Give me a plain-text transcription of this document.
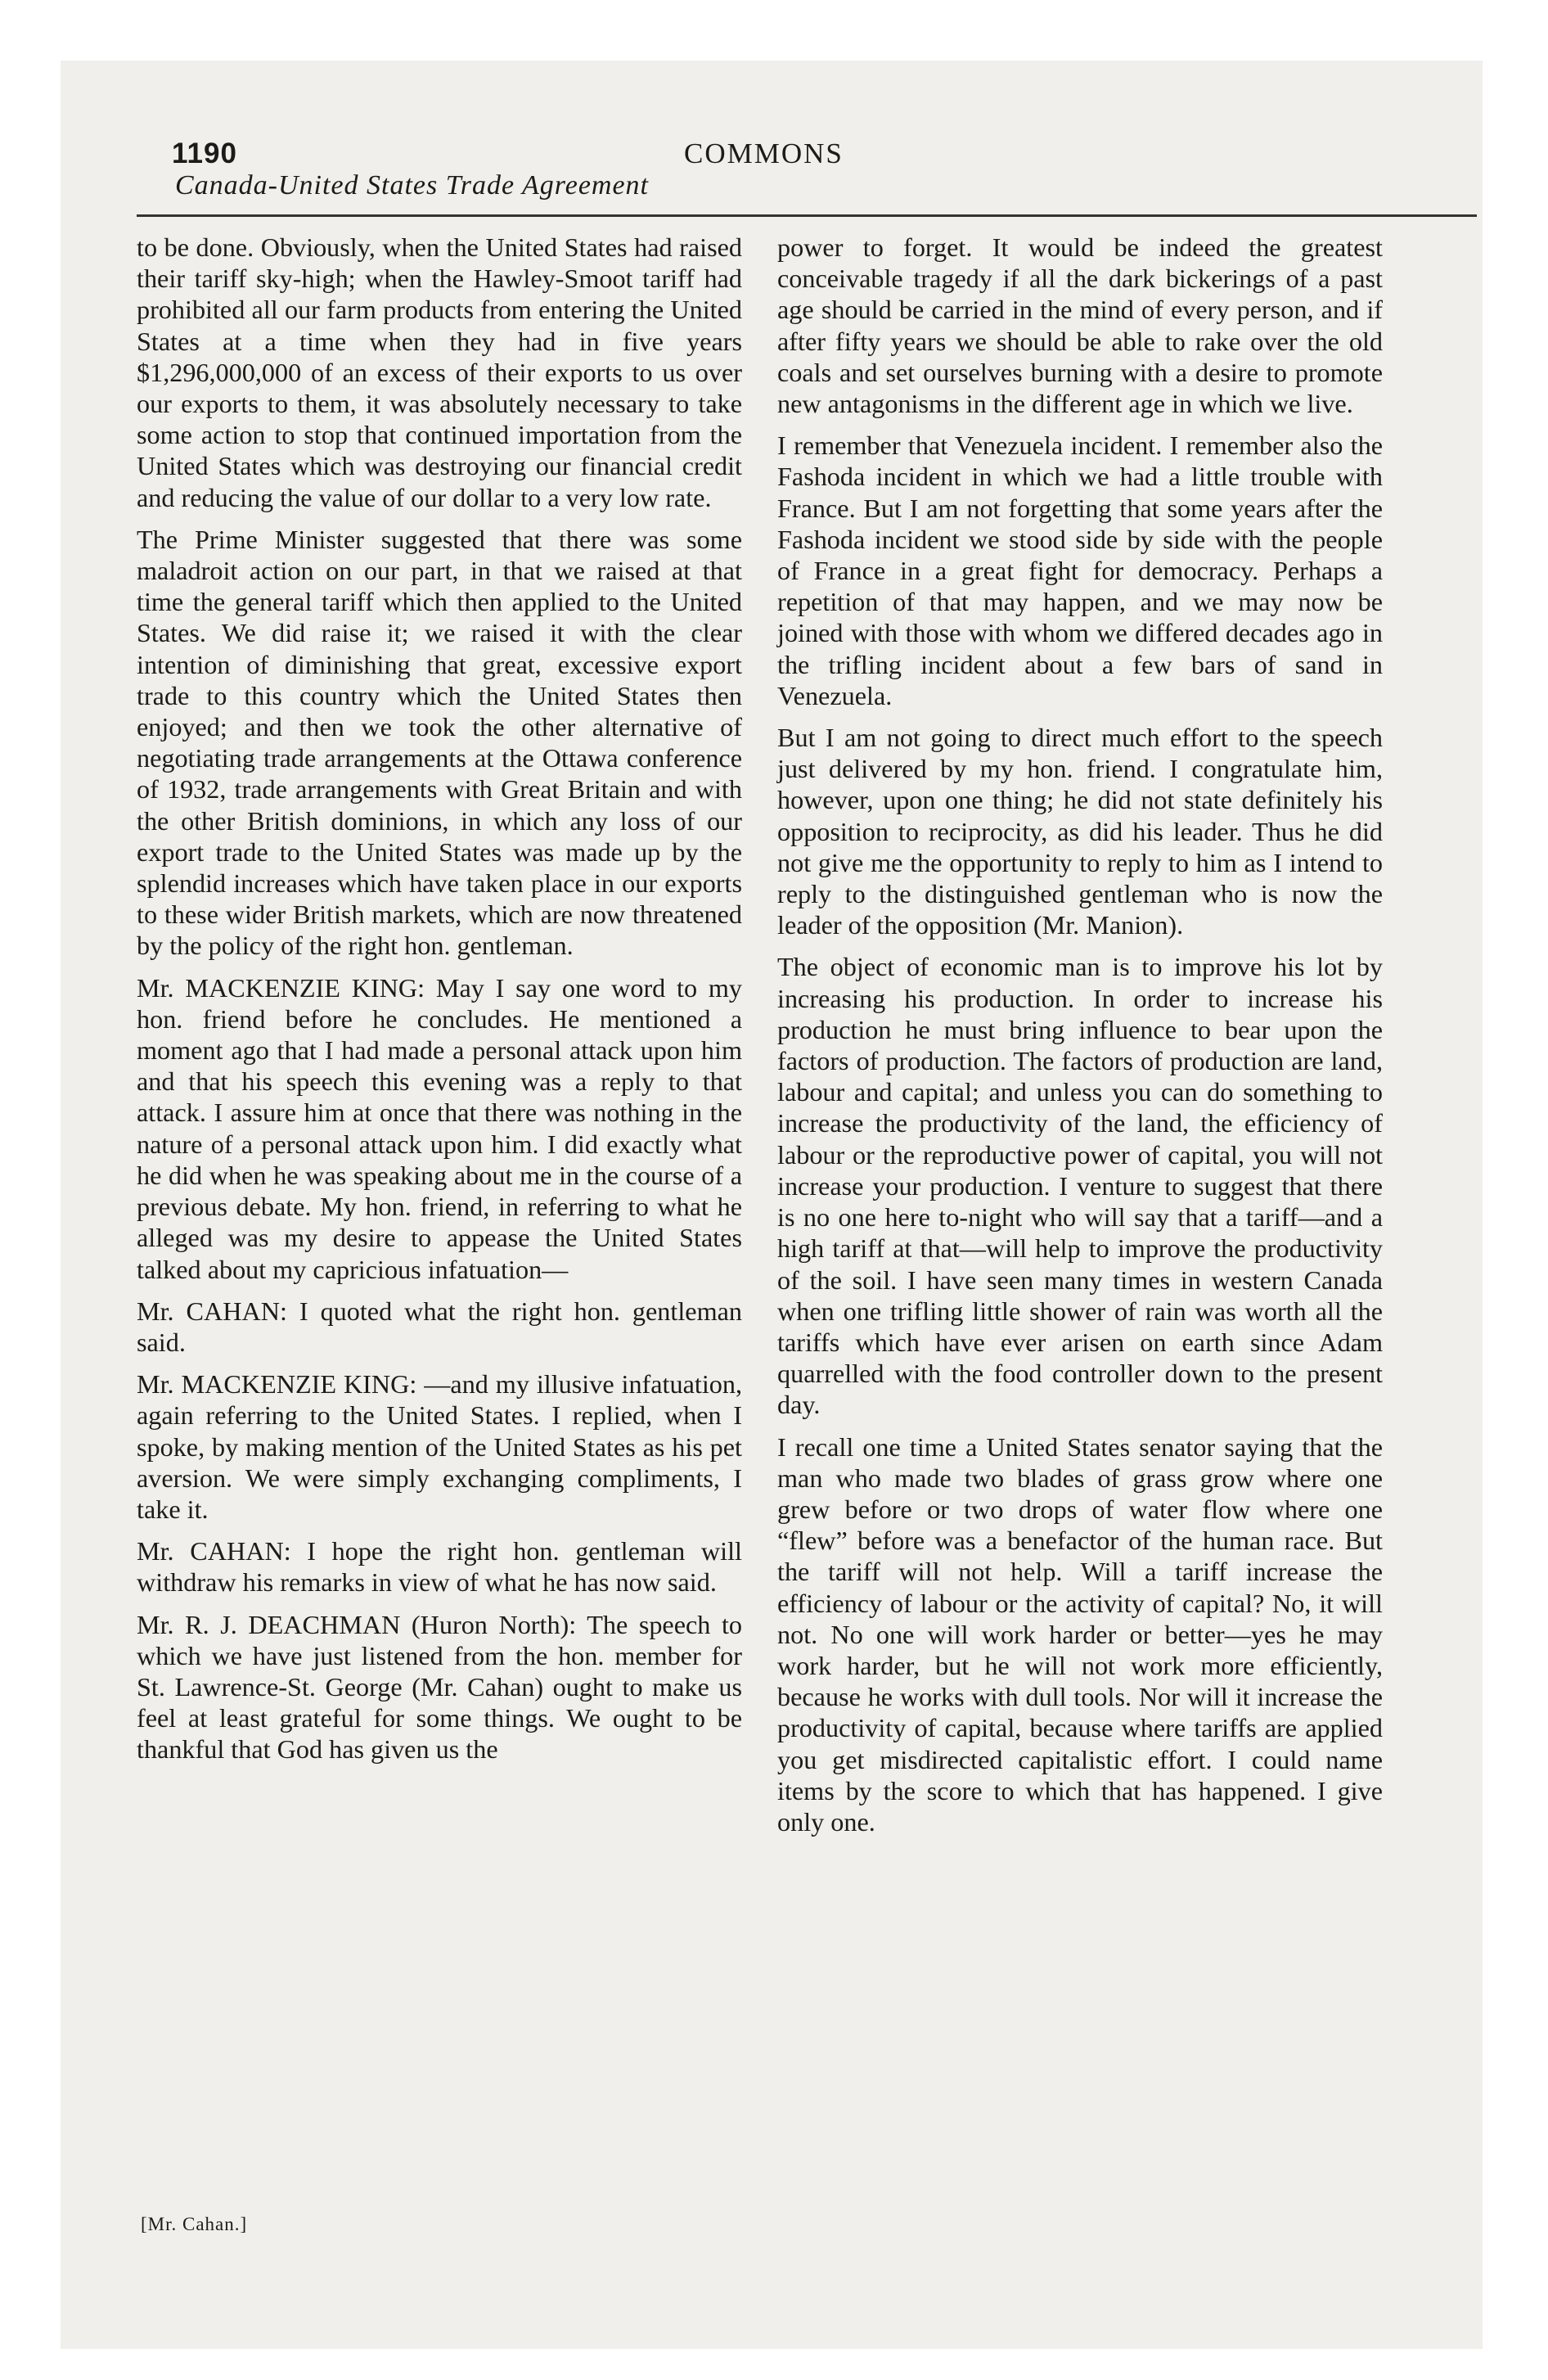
1190	COMMONS
Canada-United States Trade Agreement

to be done. Obviously, when the United States had raised their tariff sky-high; when the Hawley-Smoot tariff had prohibited all our farm products from entering the United States at a time when they had in five years $1,296,000,000 of an excess of their exports to us over our exports to them, it was absolutely necessary to take some action to stop that continued importation from the United States which was destroying our financial credit and reducing the value of our dollar to a very low rate.

The Prime Minister suggested that there was some maladroit action on our part, in that we raised at that time the general tariff which then applied to the United States. We did raise it; we raised it with the clear intention of diminishing that great, excessive export trade to this country which the United States then enjoyed; and then we took the other alternative of negotiating trade arrangements at the Ottawa conference of 1932, trade arrangements with Great Britain and with the other British dominions, in which any loss of our export trade to the United States was made up by the splendid increases which have taken place in our exports to these wider British markets, which are now threatened by the policy of the right hon. gentleman.

Mr. MACKENZIE KING: May I say one word to my hon. friend before he concludes. He mentioned a moment ago that I had made a personal attack upon him and that his speech this evening was a reply to that attack. I assure him at once that there was nothing in the nature of a personal attack upon him. I did exactly what he did when he was speaking about me in the course of a previous debate. My hon. friend, in referring to what he alleged was my desire to appease the United States talked about my capricious infatuation—

Mr. CAHAN: I quoted what the right hon. gentleman said.

Mr. MACKENZIE KING: —and my illusive infatuation, again referring to the United States. I replied, when I spoke, by making mention of the United States as his pet aversion. We were simply exchanging compliments, I take it.

Mr. CAHAN: I hope the right hon. gentleman will withdraw his remarks in view of what he has now said.

Mr. R. J. DEACHMAN (Huron North): The speech to which we have just listened from the hon. member for St. Lawrence-St. George (Mr. Cahan) ought to make us feel at least grateful for some things. We ought to be thankful that God has given us the

power to forget. It would be indeed the greatest conceivable tragedy if all the dark bickerings of a past age should be carried in the mind of every person, and if after fifty years we should be able to rake over the old coals and set ourselves burning with a desire to promote new antagonisms in the different age in which we live.

I remember that Venezuela incident. I remember also the Fashoda incident in which we had a little trouble with France. But I am not forgetting that some years after the Fashoda incident we stood side by side with the people of France in a great fight for democracy. Perhaps a repetition of that may happen, and we may now be joined with those with whom we differed decades ago in the trifling incident about a few bars of sand in Venezuela.

But I am not going to direct much effort to the speech just delivered by my hon. friend. I congratulate him, however, upon one thing; he did not state definitely his opposition to reciprocity, as did his leader. Thus he did not give me the opportunity to reply to him as I intend to reply to the distinguished gentleman who is now the leader of the opposition (Mr. Manion).

The object of economic man is to improve his lot by increasing his production. In order to increase his production he must bring influence to bear upon the factors of production. The factors of production are land, labour and capital; and unless you can do something to increase the productivity of the land, the efficiency of labour or the reproductive power of capital, you will not increase your production. I venture to suggest that there is no one here to-night who will say that a tariff—and a high tariff at that—will help to improve the productivity of the soil. I have seen many times in western Canada when one trifling little shower of rain was worth all the tariffs which have ever arisen on earth since Adam quarrelled with the food controller down to the present day.

I recall one time a United States senator saying that the man who made two blades of grass grow where one grew before or two drops of water flow where one “flew” before was a benefactor of the human race. But the tariff will not help. Will a tariff increase the efficiency of labour or the activity of capital? No, it will not. No one will work harder or better—yes he may work harder, but he will not work more efficiently, because he works with dull tools. Nor will it increase the productivity of capital, because where tariffs are applied you get misdirected capitalistic effort. I could name items by the score to which that has happened. I give only one.

[Mr. Cahan.]
